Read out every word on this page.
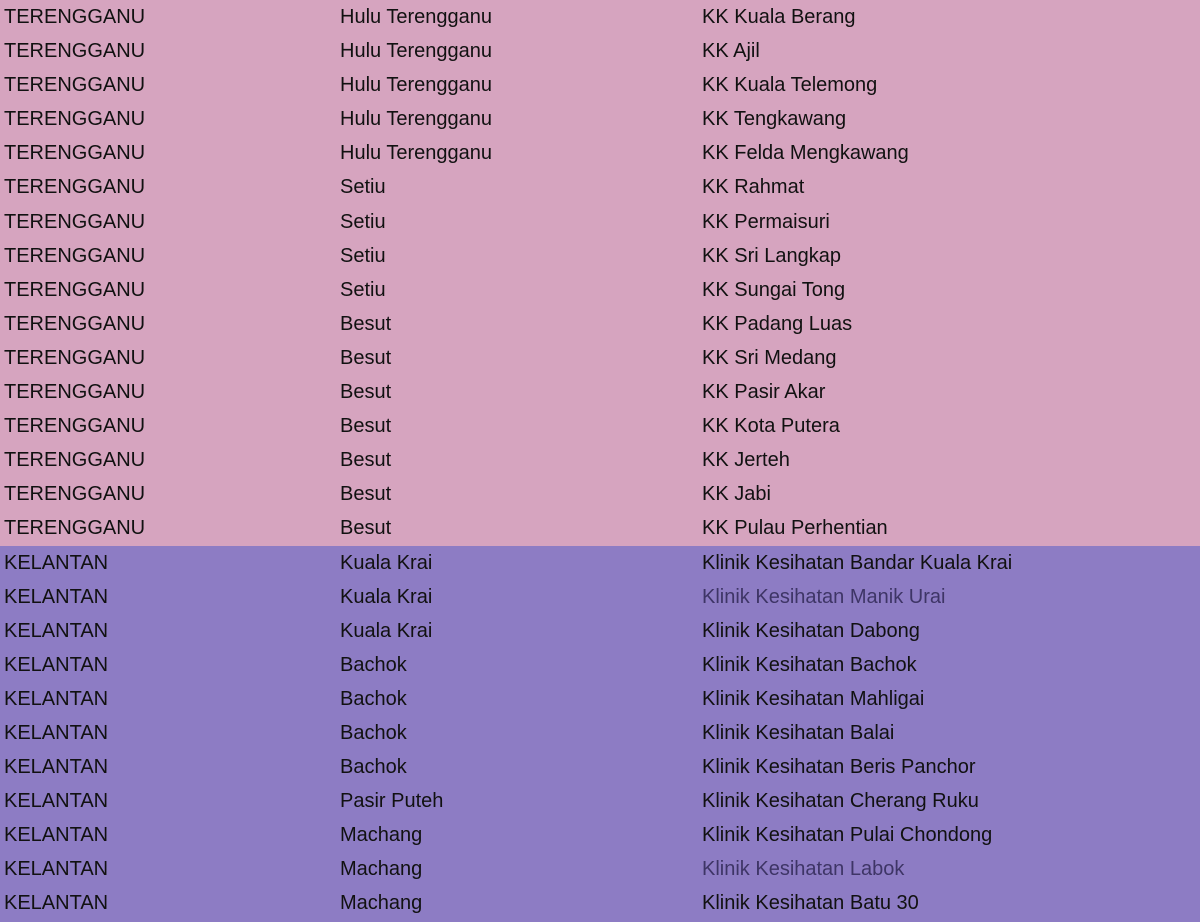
TERENGGANU	Hulu Terengganu	KK Kuala Berang
TERENGGANU	Hulu Terengganu	KK Ajil
TERENGGANU	Hulu Terengganu	KK Kuala Telemong
TERENGGANU	Hulu Terengganu	KK Tengkawang
TERENGGANU	Hulu Terengganu	KK Felda Mengkawang
TERENGGANU	Setiu	KK Rahmat
TERENGGANU	Setiu	KK Permaisuri
TERENGGANU	Setiu	KK Sri Langkap
TERENGGANU	Setiu	KK Sungai Tong
TERENGGANU	Besut	KK Padang Luas
TERENGGANU	Besut	KK Sri Medang
TERENGGANU	Besut	KK Pasir Akar
TERENGGANU	Besut	KK Kota Putera
TERENGGANU	Besut	KK Jerteh
TERENGGANU	Besut	KK Jabi
TERENGGANU	Besut	KK Pulau Perhentian
KELANTAN	Kuala Krai	Klinik Kesihatan Bandar Kuala Krai
KELANTAN	Kuala Krai	Klinik Kesihatan Manik Urai
KELANTAN	Kuala Krai	Klinik Kesihatan Dabong
KELANTAN	Bachok	Klinik Kesihatan Bachok
KELANTAN	Bachok	Klinik Kesihatan Mahligai
KELANTAN	Bachok	Klinik Kesihatan Balai
KELANTAN	Bachok	Klinik Kesihatan Beris Panchor
KELANTAN	Pasir Puteh	Klinik Kesihatan Cherang Ruku
KELANTAN	Machang	Klinik Kesihatan Pulai Chondong
KELANTAN	Machang	Klinik Kesihatan Labok
KELANTAN	Machang	Klinik Kesihatan Batu 30
